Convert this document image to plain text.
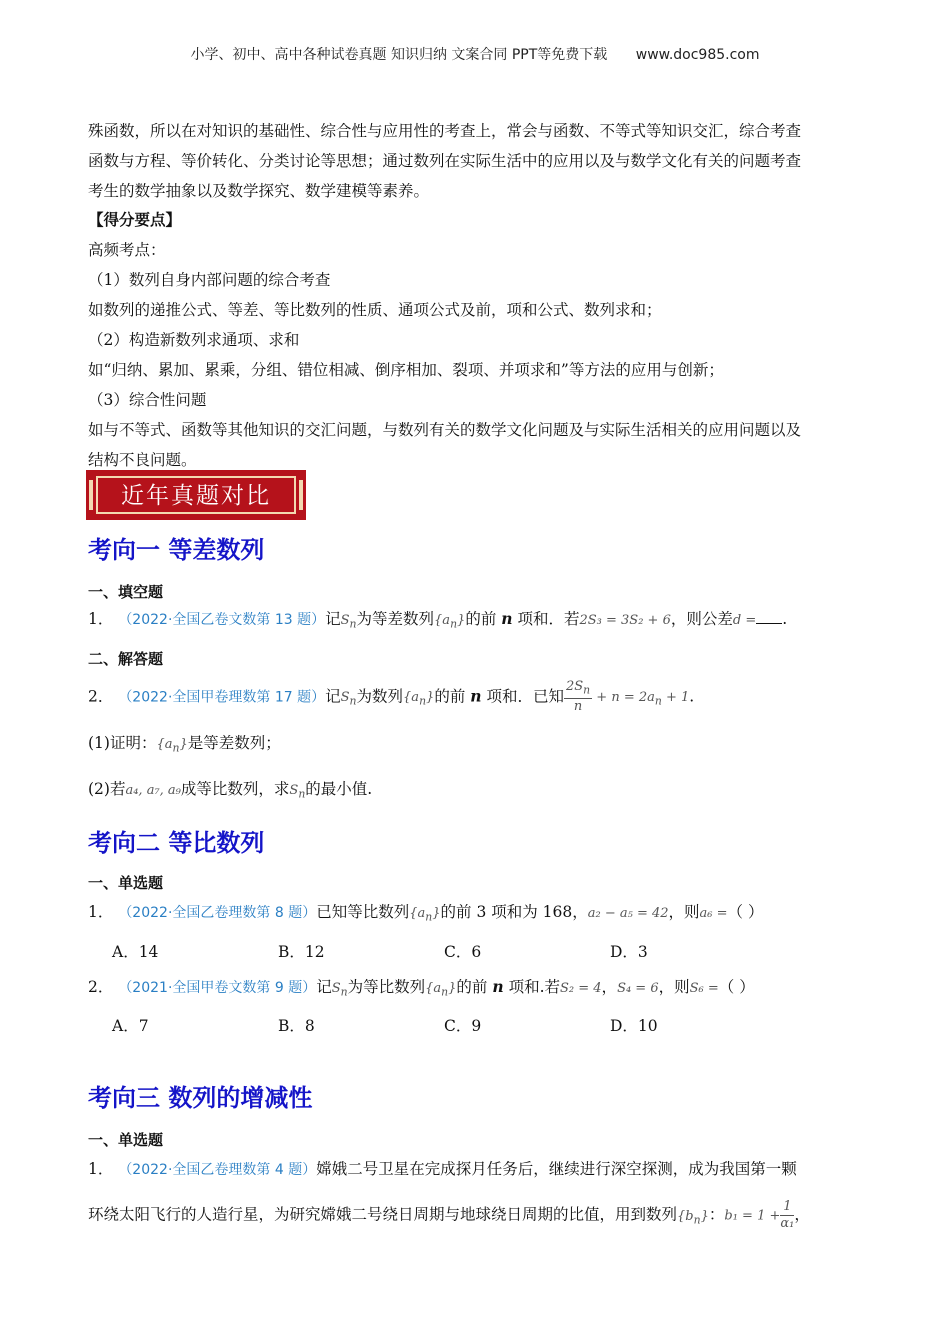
小学、初中、高中各种试卷真题 知识归纳 文案合同 PPT等免费下载 www.doc985.com

殊函数，所以在对知识的基础性、综合性与应用性的考查上，常会与函数、不等式等知识交汇，综合考查

函数与方程、等价转化、分类讨论等思想；通过数列在实际生活中的应用以及与数学文化有关的问题考查

考生的数学抽象以及数学探究、数学建模等素养。

【得分要点】

高频考点：

（1）数列自身内部问题的综合考查

如数列的递推公式、等差、等比数列的性质、通项公式及前，项和公式、数列求和；

（2）构造新数列求通项、求和

如“归纳、累加、累乘，分组、错位相减、倒序相加、裂项、并项求和”等方法的应用与创新；

（3）综合性问题

如与不等式、函数等其他知识的交汇问题，与数列有关的数学文化问题及与实际生活相关的应用问题以及

结构不良问题。

近年真题对比

考向一 等差数列

一、填空题

1． （2022·全国乙卷文数第 13 题）记$S_n$为等差数列$\{a_n\}$的前 n 项和．若2S₃ = 3S₂ + 6，则公差d = .

二、解答题

2． （2022·全国甲卷理数第 17 题）记$S_n$为数列$\{a_n\}$的前 n 项和．已知 $\frac{2S_n}{n} + n = 2a_n + 1$.

(1)证明：$\{a_n\}$是等差数列；

(2)若a₄, a₇, a₉成等比数列，求$S_n$的最小值.

考向二 等比数列

一、单选题

1． （2022·全国乙卷理数第 8 题）已知等比数列$\{a_n\}$的前 3 项和为 168，a₂ − a₅ = 42，则a₆ =（ ）

A．14	B．12	C．6	D．3

2． （2021·全国甲卷文数第 9 题）记$S_n$为等比数列$\{a_n\}$的前 n 项和.若S₂ = 4，S₄ = 6，则S₆ =（ ）

A．7	B．8	C．9	D．10

考向三 数列的增减性

一、单选题

1． （2022·全国乙卷理数第 4 题）嫦娥二号卫星在完成探月任务后，继续进行深空探测，成为我国第一颗

环绕太阳飞行的人造行星，为研究嫦娥二号绕日周期与地球绕日周期的比值，用到数列$\{b_n\}$：$b_1 = 1 + \frac{1}{\text{α₁}}$ ，
